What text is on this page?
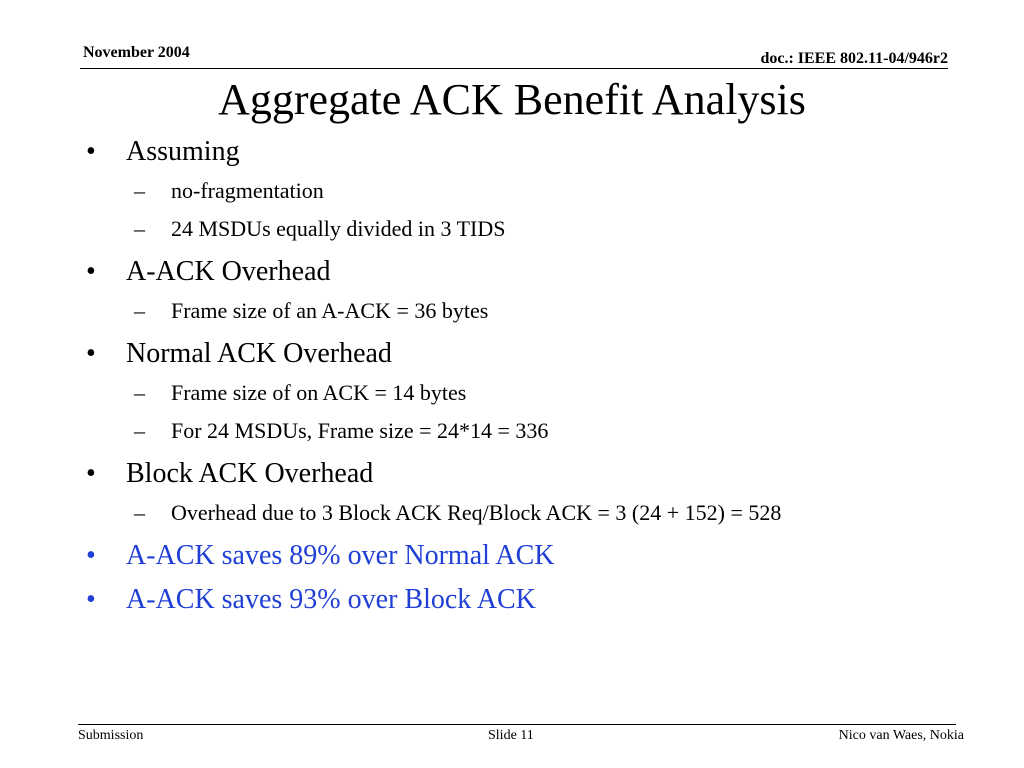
November 2004	doc.: IEEE 802.11-04/946r2
Aggregate ACK Benefit Analysis
• Assuming
– no-fragmentation
– 24 MSDUs equally divided in 3 TIDS
• A-ACK Overhead
– Frame size of an A-ACK = 36 bytes
• Normal ACK Overhead
– Frame size of on ACK = 14 bytes
– For 24 MSDUs, Frame size = 24*14 = 336
• Block ACK Overhead
– Overhead due to 3 Block ACK Req/Block ACK = 3 (24 + 152) = 528
• A-ACK saves 89% over Normal ACK
• A-ACK saves 93% over Block ACK
Submission	Slide 11	Nico van Waes, Nokia
